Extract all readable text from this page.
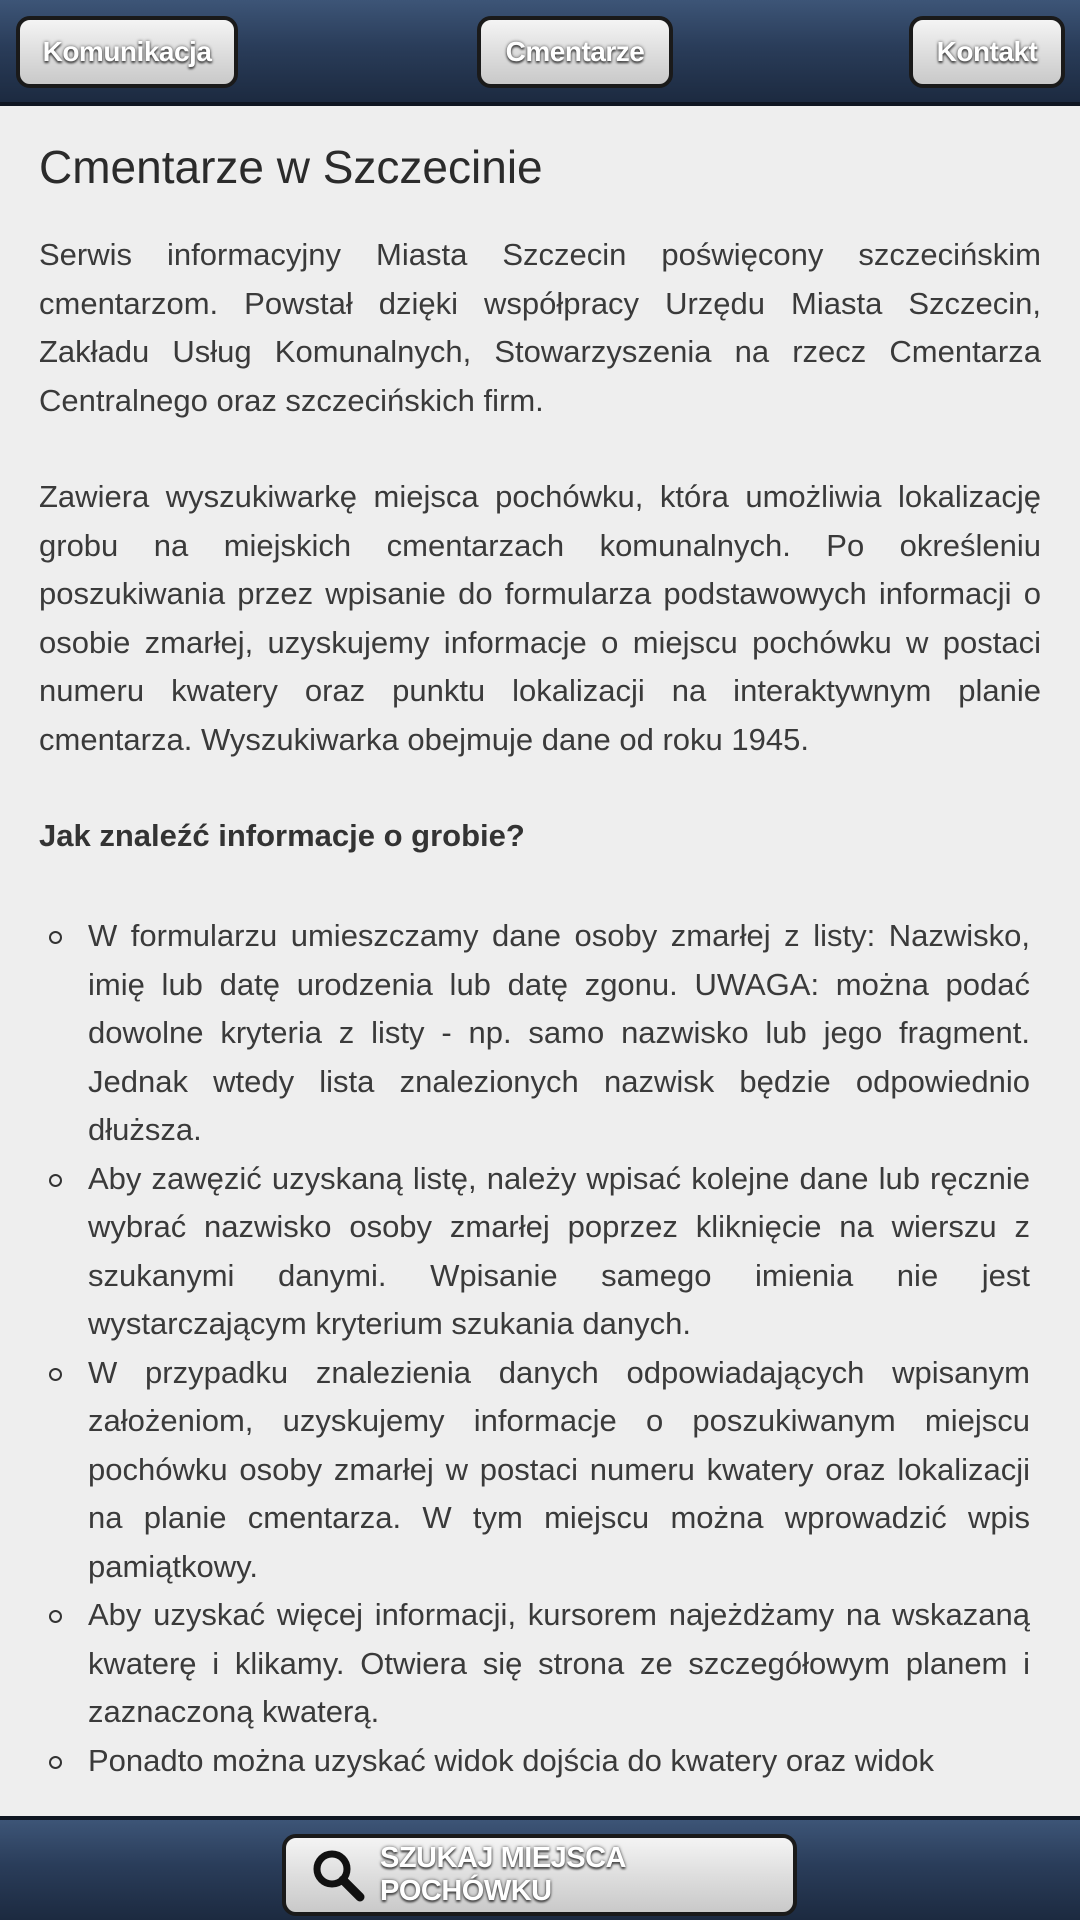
Komunikacja	Cmentarze	Kontakt
Cmentarze w Szczecinie

Serwis informacyjny Miasta Szczecin poświęcony szczecińskim cmentarzom. Powstał dzięki współpracy Urzędu Miasta Szczecin, Zakładu Usług Komunalnych, Stowarzyszenia na rzecz Cmentarza Centralnego oraz szczecińskich firm.

Zawiera wyszukiwarkę miejsca pochówku, która umożliwia lokalizację grobu na miejskich cmentarzach komunalnych. Po określeniu poszukiwania przez wpisanie do formularza podstawowych informacji o osobie zmarłej, uzyskujemy informacje o miejscu pochówku w postaci numeru kwatery oraz punktu lokalizacji na interaktywnym planie cmentarza. Wyszukiwarka obejmuje dane od roku 1945.

Jak znaleźć informacje o grobie?
W formularzu umieszczamy dane osoby zmarłej z listy: Nazwisko, imię lub datę urodzenia lub datę zgonu. UWAGA: można podać dowolne kryteria z listy - np. samo nazwisko lub jego fragment. Jednak wtedy lista znalezionych nazwisk będzie odpowiednio dłuższa.
Aby zawęzić uzyskaną listę, należy wpisać kolejne dane lub ręcznie wybrać nazwisko osoby zmarłej poprzez kliknięcie na wierszu z szukanymi danymi. Wpisanie samego imienia nie jest wystarczającym kryterium szukania danych.
W przypadku znalezienia danych odpowiadających wpisanym założeniom, uzyskujemy informacje o poszukiwanym miejscu pochówku osoby zmarłej w postaci numeru kwatery oraz lokalizacji na planie cmentarza. W tym miejscu można wprowadzić wpis pamiątkowy.
Aby uzyskać więcej informacji, kursorem najeżdżamy na wskazaną kwaterę i klikamy. Otwiera się strona ze szczegółowym planem i zaznaczoną kwaterą.
Ponadto można uzyskać widok dojścia do kwatery oraz widok
SZUKAJ MIEJSCA POCHÓWKU
